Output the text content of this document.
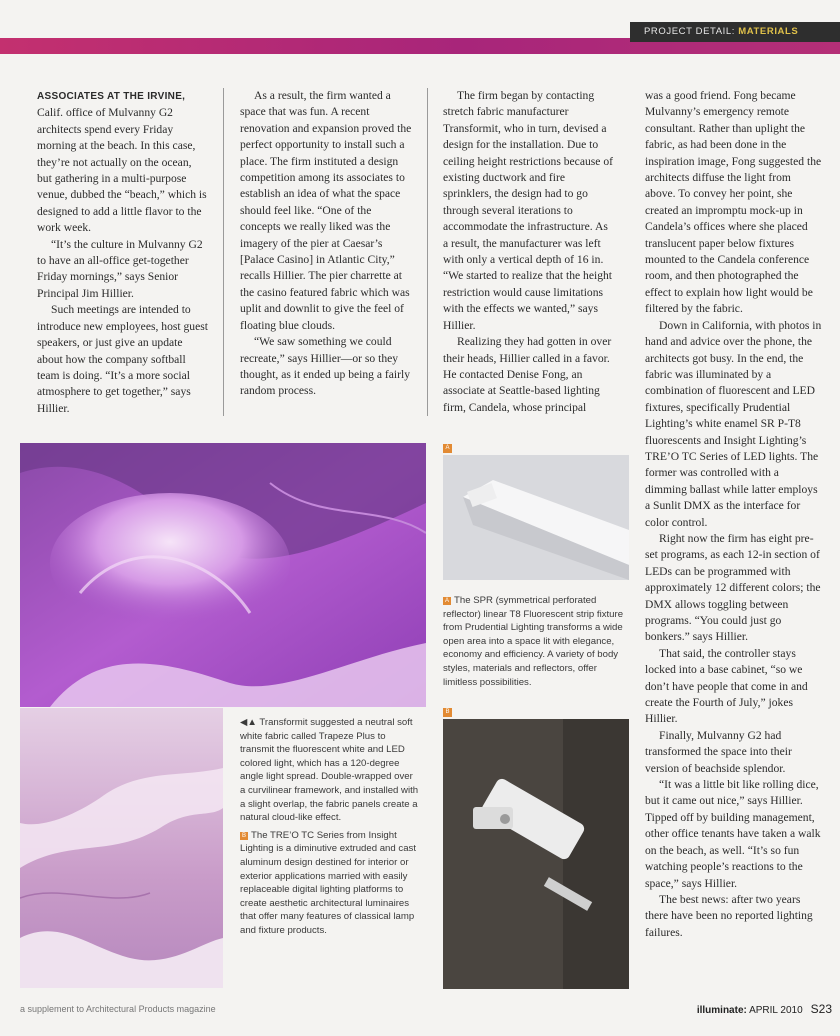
PROJECT DETAIL: MATERIALS

ASSOCIATES AT THE IRVINE, Calif. office of Mulvanny G2 architects spend every Friday morning at the beach. In this case, they’re not actually on the ocean, but gathering in a multi-purpose venue, dubbed the “beach,” which is designed to add a little flavor to the work week.

“It’s the culture in Mulvanny G2 to have an all-office get-together Friday mornings,” says Senior Principal Jim Hillier.

Such meetings are intended to introduce new employees, host guest speakers, or just give an update about how the company softball team is doing. “It’s a more social atmosphere to get together,” says Hillier.

As a result, the firm wanted a space that was fun. A recent renovation and expansion proved the perfect opportunity to install such a place. The firm instituted a design competition among its associates to establish an idea of what the space should feel like. “One of the concepts we really liked was the imagery of the pier at Caesar’s [Palace Casino] in Atlantic City,” recalls Hillier. The pier charrette at the casino featured fabric which was uplit and downlit to give the feel of floating blue clouds.

“We saw something we could recreate,” says Hillier—or so they thought, as it ended up being a fairly random process.

The firm began by contacting stretch fabric manufacturer Transformit, who in turn, devised a design for the installation. Due to ceiling height restrictions because of existing ductwork and fire sprinklers, the design had to go through several iterations to accommodate the infrastructure. As a result, the manufacturer was left with only a vertical depth of 16 in. “We started to realize that the height restriction would cause limitations with the effects we wanted,” says Hillier.

Realizing they had gotten in over their heads, Hillier called in a favor. He contacted Denise Fong, an associate at Seattle-based lighting firm, Candela, whose principal

was a good friend. Fong became Mulvanny’s emergency remote consultant. Rather than uplight the fabric, as had been done in the inspiration image, Fong suggested the architects diffuse the light from above. To convey her point, she created an impromptu mock-up in Candela’s offices where she placed translucent paper below fixtures mounted to the Candela conference room, and then photographed the effect to explain how light would be filtered by the fabric.

Down in California, with photos in hand and advice over the phone, the architects got busy. In the end, the fabric was illuminated by a combination of fluorescent and LED fixtures, specifically Prudential Lighting’s white enamel SR P-T8 fluorescents and Insight Lighting’s TRE’O TC Series of LED lights. The former was controlled with a dimming ballast while latter employs a Sunlit DMX as the interface for color control.

Right now the firm has eight pre-set programs, as each 12-in section of LEDs can be programmed with approximately 12 different colors; the DMX allows toggling between programs. “You could just go bonkers.” says Hillier.

That said, the controller stays locked into a base cabinet, “so we don’t have people that come in and create the Fourth of July,” jokes Hillier.

Finally, Mulvanny G2 had transformed the space into their version of beachside splendor.

“It was a little bit like rolling dice, but it came out nice,” says Hillier. Tipped off by building management, other office tenants have taken a walk on the beach, as well. “It’s so fun watching people’s reactions to the space,” says Hillier.

The best news: after two years there have been no reported lighting failures.

◀▲ Transformit suggested a neutral soft white fabric called Trapeze Plus to transmit the fluorescent white and LED colored light, which has a 120-degree angle light spread. Double-wrapped over a curvilinear framework, and installed with a slight overlap, the fabric panels create a natural cloud-like effect.

B The TRE’O TC Series from Insight Lighting is a diminutive extruded and cast aluminum design destined for interior or exterior applications married with easily replaceable digital lighting platforms to create aesthetic architectural luminaires that offer many features of classical lamp and fixture products.

A

A The SPR (symmetrical perforated reflector) linear T8 Fluorescent strip fixture from Prudential Lighting transforms a wide open area into a space lit with elegance, economy and efficiency. A variety of body styles, materials and reflectors, offer limitless possibilities.

B
a supplement to Architectural Products magazine	illuminate: APRIL 2010 S23
